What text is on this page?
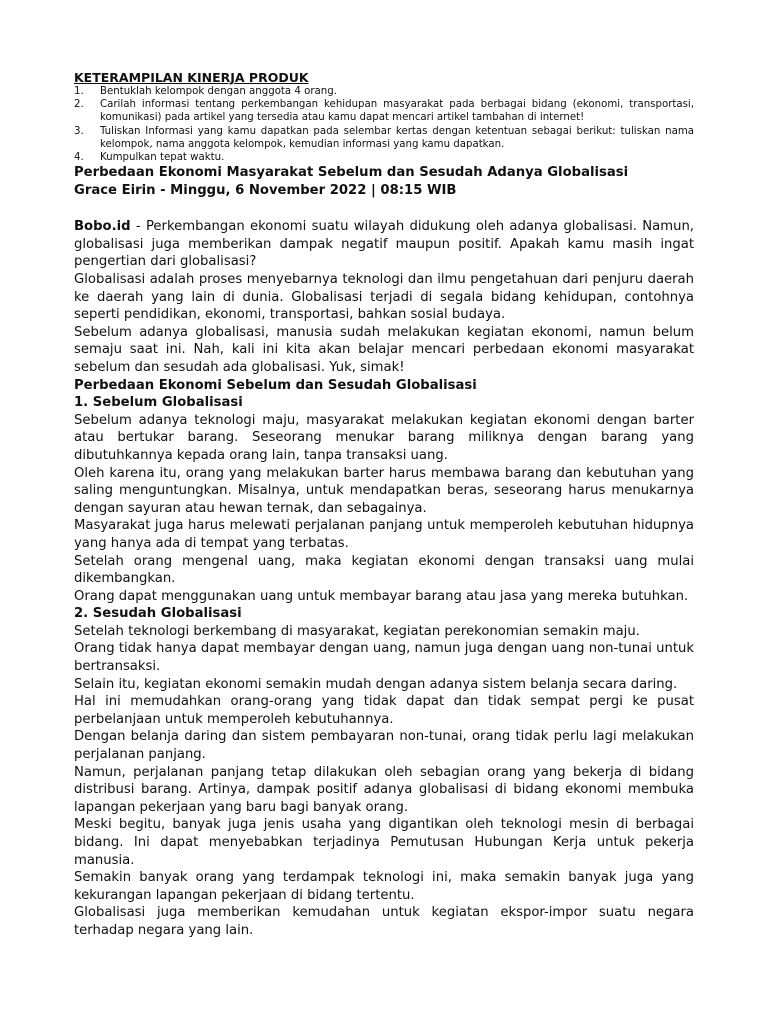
KETERAMPILAN KINERJA PRODUK

1.	Bentuklah kelompok dengan anggota 4 orang.
2.	Carilah informasi tentang perkembangan kehidupan masyarakat pada berbagai bidang (ekonomi, transportasi, komunikasi) pada artikel yang tersedia atau kamu dapat mencari artikel tambahan di internet!
3.	Tuliskan Informasi yang kamu dapatkan pada selembar kertas dengan ketentuan sebagai berikut: tuliskan nama kelompok, nama anggota kelompok, kemudian informasi yang kamu dapatkan.
4.	Kumpulkan tepat waktu.

Perbedaan Ekonomi Masyarakat Sebelum dan Sesudah Adanya Globalisasi

Grace Eirin - Minggu, 6 November 2022 | 08:15 WIB

Bobo.id - Perkembangan ekonomi suatu wilayah didukung oleh adanya globalisasi. Namun, globalisasi juga memberikan dampak negatif maupun positif. Apakah kamu masih ingat pengertian dari globalisasi?

Globalisasi adalah proses menyebarnya teknologi dan ilmu pengetahuan dari penjuru daerah ke daerah yang lain di dunia. Globalisasi terjadi di segala bidang kehidupan, contohnya seperti pendidikan, ekonomi, transportasi, bahkan sosial budaya.

Sebelum adanya globalisasi, manusia sudah melakukan kegiatan ekonomi, namun belum semaju saat ini. Nah, kali ini kita akan belajar mencari perbedaan ekonomi masyarakat sebelum dan sesudah ada globalisasi. Yuk, simak!

Perbedaan Ekonomi Sebelum dan Sesudah Globalisasi

1. Sebelum Globalisasi

Sebelum adanya teknologi maju, masyarakat melakukan kegiatan ekonomi dengan barter atau bertukar barang. Seseorang menukar barang miliknya dengan barang yang dibutuhkannya kepada orang lain, tanpa transaksi uang.

Oleh karena itu, orang yang melakukan barter harus membawa barang dan kebutuhan yang saling menguntungkan. Misalnya, untuk mendapatkan beras, seseorang harus menukarnya dengan sayuran atau hewan ternak, dan sebagainya.

Masyarakat juga harus melewati perjalanan panjang untuk memperoleh kebutuhan hidupnya yang hanya ada di tempat yang terbatas.

Setelah orang mengenal uang, maka kegiatan ekonomi dengan transaksi uang mulai dikembangkan.

Orang dapat menggunakan uang untuk membayar barang atau jasa yang mereka butuhkan.

2. Sesudah Globalisasi

Setelah teknologi berkembang di masyarakat, kegiatan perekonomian semakin maju.

Orang tidak hanya dapat membayar dengan uang, namun juga dengan uang non-tunai untuk bertransaksi.

Selain itu, kegiatan ekonomi semakin mudah dengan adanya sistem belanja secara daring.

Hal ini memudahkan orang-orang yang tidak dapat dan tidak sempat pergi ke pusat perbelanjaan untuk memperoleh kebutuhannya.

Dengan belanja daring dan sistem pembayaran non-tunai, orang tidak perlu lagi melakukan perjalanan panjang.

Namun, perjalanan panjang tetap dilakukan oleh sebagian orang yang bekerja di bidang distribusi barang. Artinya, dampak positif adanya globalisasi di bidang ekonomi membuka lapangan pekerjaan yang baru bagi banyak orang.

Meski begitu, banyak juga jenis usaha yang digantikan oleh teknologi mesin di berbagai bidang. Ini dapat menyebabkan terjadinya Pemutusan Hubungan Kerja untuk pekerja manusia.

Semakin banyak orang yang terdampak teknologi ini, maka semakin banyak juga yang kekurangan lapangan pekerjaan di bidang tertentu.

Globalisasi juga memberikan kemudahan untuk kegiatan ekspor-impor suatu negara terhadap negara yang lain.
